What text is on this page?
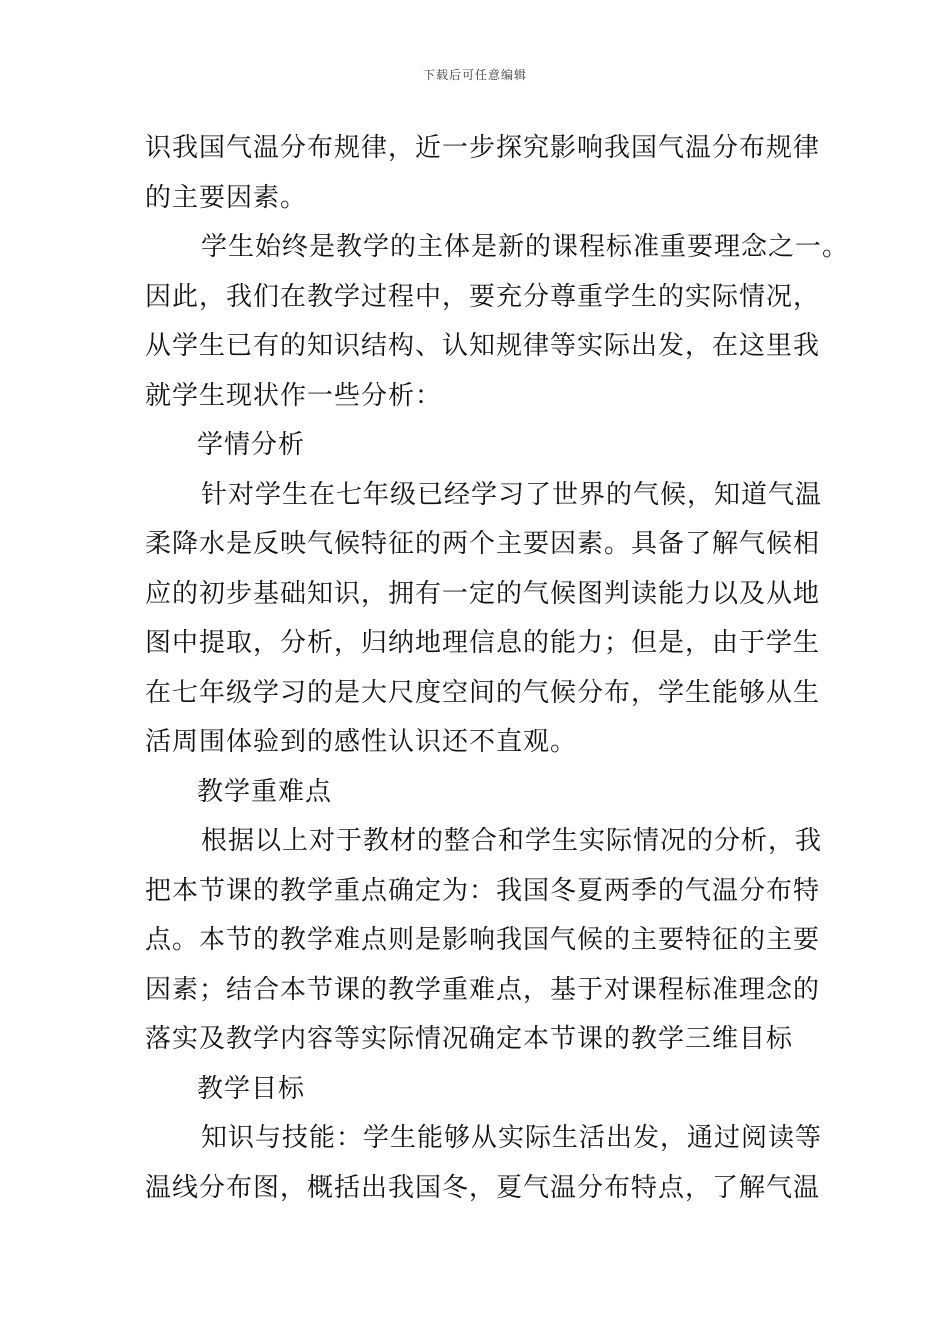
下载后可任意编辑
识我国气温分布规律，近一步探究影响我国气温分布规律
的主要因素。
学生始终是教学的主体是新的课程标准重要理念之一。
因此，我们在教学过程中，要充分尊重学生的实际情况，
从学生已有的知识结构、认知规律等实际出发，在这里我
就学生现状作一些分析：
学情分析
针对学生在七年级已经学习了世界的气候，知道气温
柔降水是反映气候特征的两个主要因素。具备了解气候相
应的初步基础知识，拥有一定的气候图判读能力以及从地
图中提取，分析，归纳地理信息的能力；但是，由于学生
在七年级学习的是大尺度空间的气候分布，学生能够从生
活周围体验到的感性认识还不直观。
教学重难点
根据以上对于教材的整合和学生实际情况的分析，我
把本节课的教学重点确定为：我国冬夏两季的气温分布特
点。本节的教学难点则是影响我国气候的主要特征的主要
因素；结合本节课的教学重难点，基于对课程标准理念的
落实及教学内容等实际情况确定本节课的教学三维目标
教学目标
知识与技能：学生能够从实际生活出发，通过阅读等
温线分布图，概括出我国冬，夏气温分布特点，了解气温
